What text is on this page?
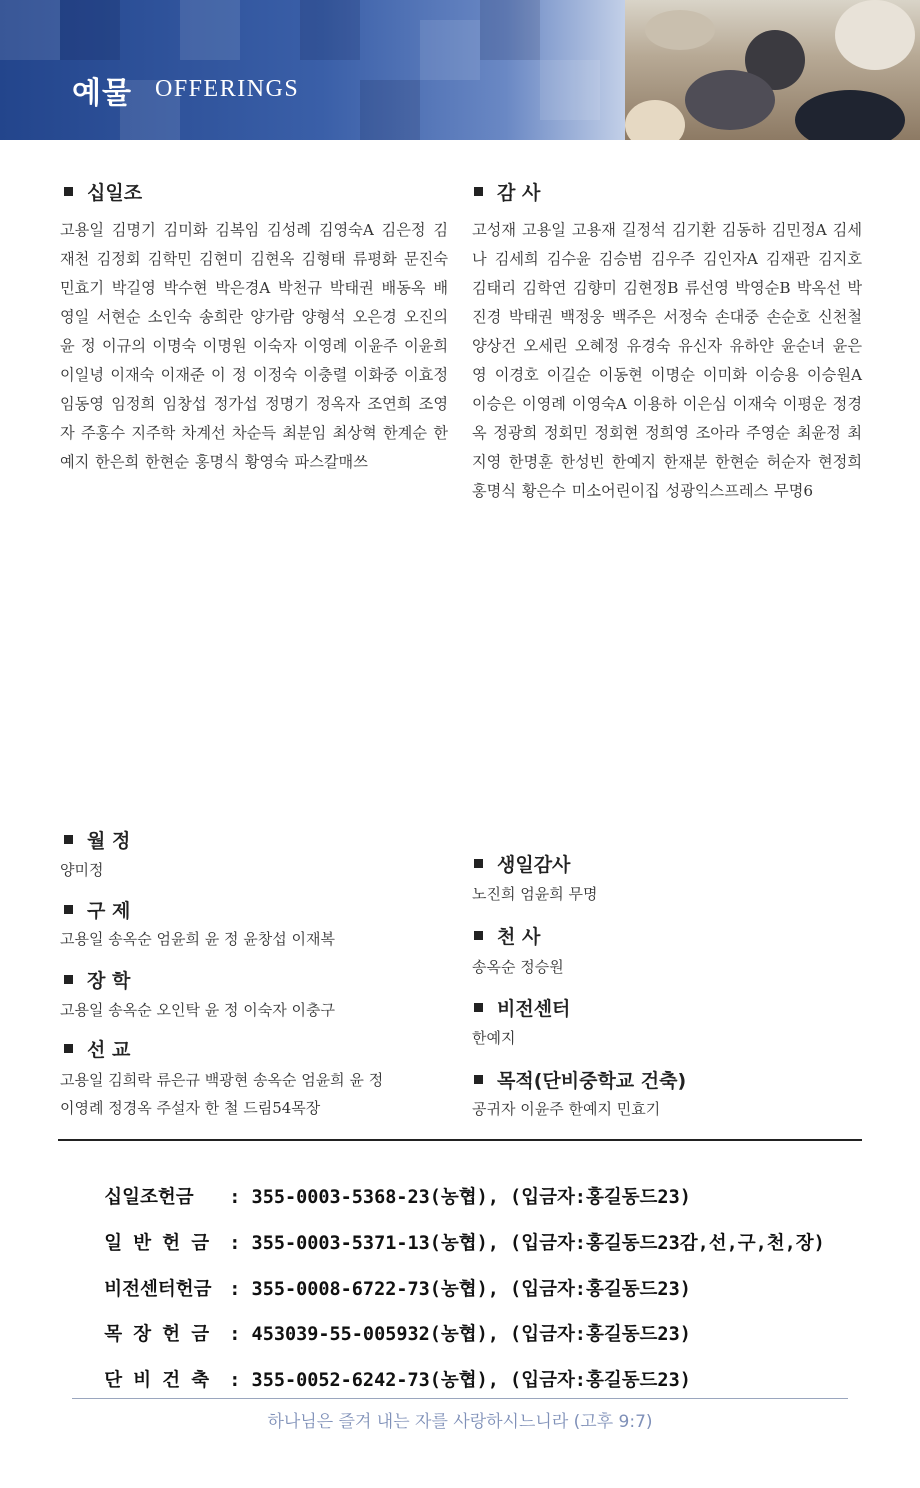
예물 OFFERINGS
십일조
고용일 김명기 김미화 김복임 김성례 김영숙A 김은정 김재천 김정회 김학민 김현미 김현옥 김형태 류평화 문진숙 민효기 박길영 박수현 박은경A 박천규 박태권 배동옥 배영일 서현순 소인숙 송희란 양가람 양형석 오은경 오진의 윤 정 이규의 이명숙 이명원 이숙자 이영례 이윤주 이윤희 이일녕 이재숙 이재준 이 정 이정숙 이충렬 이화중 이효정 임동영 임정희 임창섭 정가섭 정명기 정옥자 조연희 조영자 주홍수 지주학 차계선 차순득 최분임 최상혁 한계순 한예지 한은희 한현순 홍명식 황영숙 파스칼매쓰
감 사
고성재 고용일 고용재 길정석 김기환 김동하 김민정A 김세나 김세희 김수윤 김승범 김우주 김인자A 김재관 김지호 김태리 김학연 김향미 김현정B 류선영 박영순B 박옥선 박진경 박태권 백정웅 백주은 서정숙 손대중 손순호 신천철 양상건 오세린 오혜정 유경숙 유신자 유하얀 윤순녀 윤은영 이경호 이길순 이동현 이명순 이미화 이승용 이승원A 이승은 이영례 이영숙A 이용하 이은심 이재숙 이평운 정경옥 정광희 정회민 정회현 정희영 조아라 주영순 최윤정 최지영 한명훈 한성빈 한예지 한재분 한현순 허순자 현정희 홍명식 황은수 미소어린이집 성광익스프레스 무명6
월 정
양미정
구 제
고용일 송옥순 엄윤희 윤 정 윤창섭 이재복
장 학
고용일 송옥순 오인탁 윤 정 이숙자 이충구
선 교
고용일 김희락 류은규 백광현 송옥순 엄윤희 윤 정
이영례 정경옥 주설자 한 철 드림54목장
생일감사
노진희 엄윤희 무명
천 사
송옥순 정승원
비전센터
한예지
목적(단비중학교 건축)
공귀자 이윤주 한예지 민효기

십일조헌금 : 355-0003-5368-23(농협), (입금자:홍길동드23)

일 반 헌 금 : 355-0003-5371-13(농협), (입금자:홍길동드23감,선,구,천,장)

비전센터헌금 : 355-0008-6722-73(농협), (입금자:홍길동드23)

목 장 헌 금 : 453039-55-005932(농협), (입금자:홍길동드23)

단 비 건 축 : 355-0052-6242-73(농협), (입금자:홍길동드23)

하나님은 즐겨 내는 자를 사랑하시느니라 (고후 9:7)
